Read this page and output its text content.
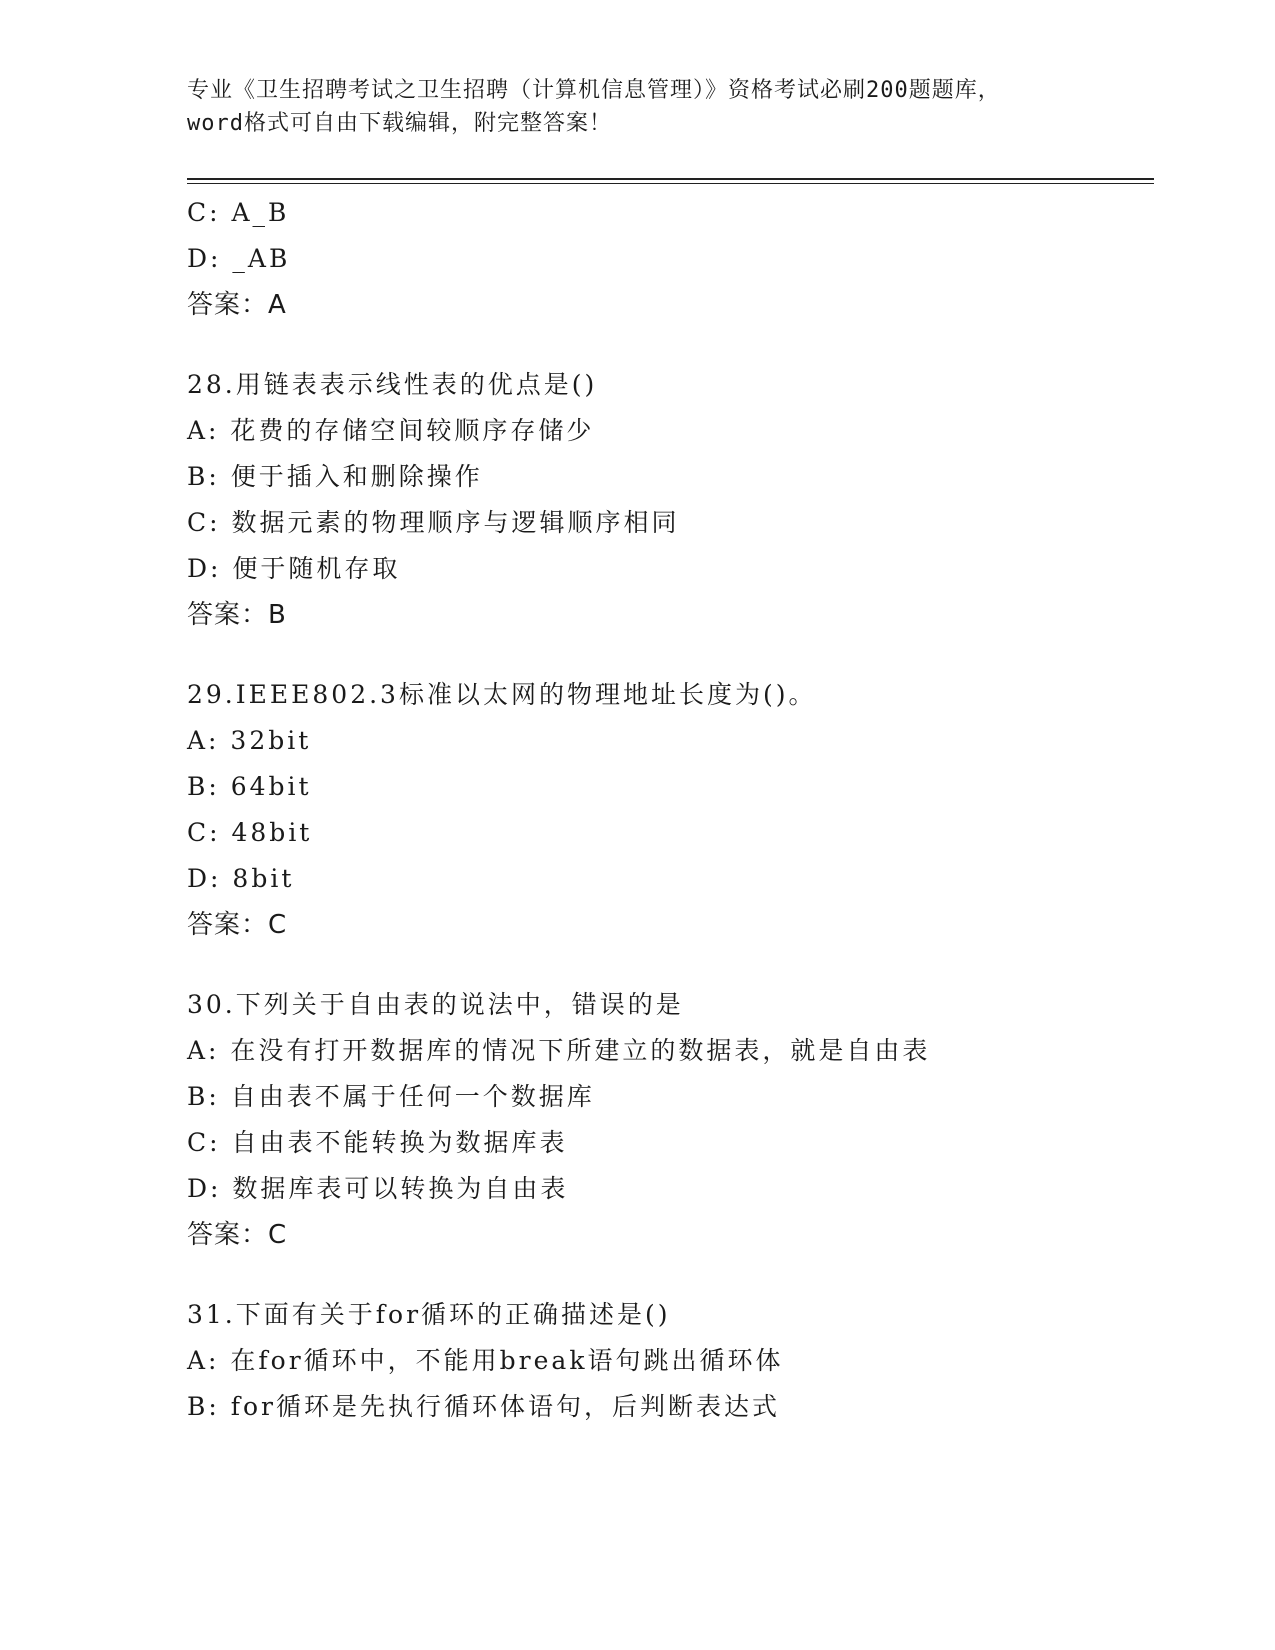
专业《卫生招聘考试之卫生招聘（计算机信息管理）》资格考试必刷200题题库，
word格式可自由下载编辑，附完整答案！
C: A_B
D: _AB
答案：A
28.用链表表示线性表的优点是()
A: 花费的存储空间较顺序存储少
B: 便于插入和删除操作
C: 数据元素的物理顺序与逻辑顺序相同
D: 便于随机存取
答案：B
29.IEEE802.3标准以太网的物理地址长度为()。
A: 32bit
B: 64bit
C: 48bit
D: 8bit
答案：C
30.下列关于自由表的说法中，错误的是
A: 在没有打开数据库的情况下所建立的数据表，就是自由表
B: 自由表不属于任何一个数据库
C: 自由表不能转换为数据库表
D: 数据库表可以转换为自由表
答案：C
31.下面有关于for循环的正确描述是()
A: 在for循环中，不能用break语句跳出循环体
B: for循环是先执行循环体语句，后判断表达式
